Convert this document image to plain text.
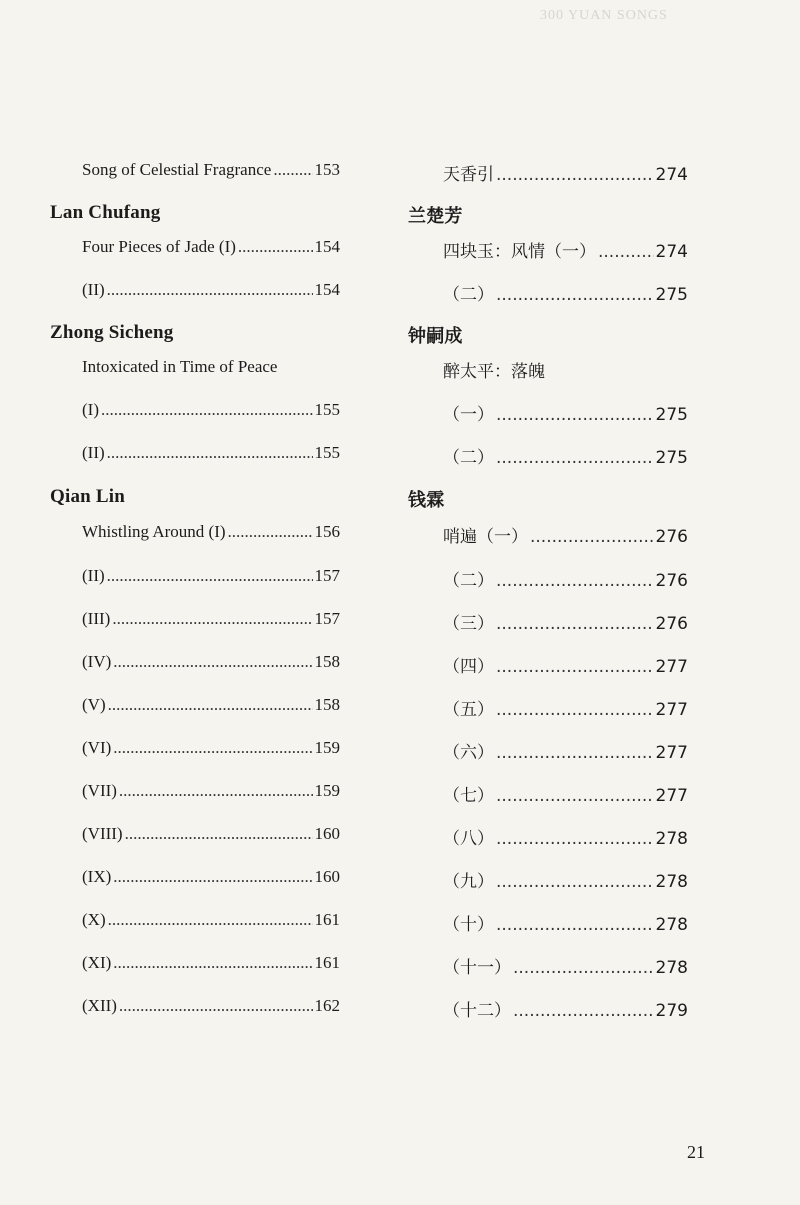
300 YUAN SONGS
Song of Celestial Fragrance .....	153
Lan Chufang
Four Pieces of Jade (I) .....	154
(II) .....	154
Zhong Sicheng
Intoxicated in Time of Peace
(I) .....	155
(II) .....	155
Qian Lin
Whistling Around (I) .....	156
(II) .....	157
(III) .....	157
(IV) .....	158
(V) .....	158
(VI) .....	159
(VII) .....	159
(VIII) .....	160
(IX) .....	160
(X) .....	161
(XI) .....	161
(XII) .....	162
天香引 .....	274
兰楚芳
四块玉：风情（一） .....	274
（二） .....	275
钟嗣成
醉太平：落魄
（一） .....	275
（二） .....	275
钱霖
哨遍（一） .....	276
（二） .....	276
（三） .....	276
（四） .....	277
（五） .....	277
（六） .....	277
（七） .....	277
（八） .....	278
（九） .....	278
（十） .....	278
（十一） .....	278
（十二） .....	279
21
